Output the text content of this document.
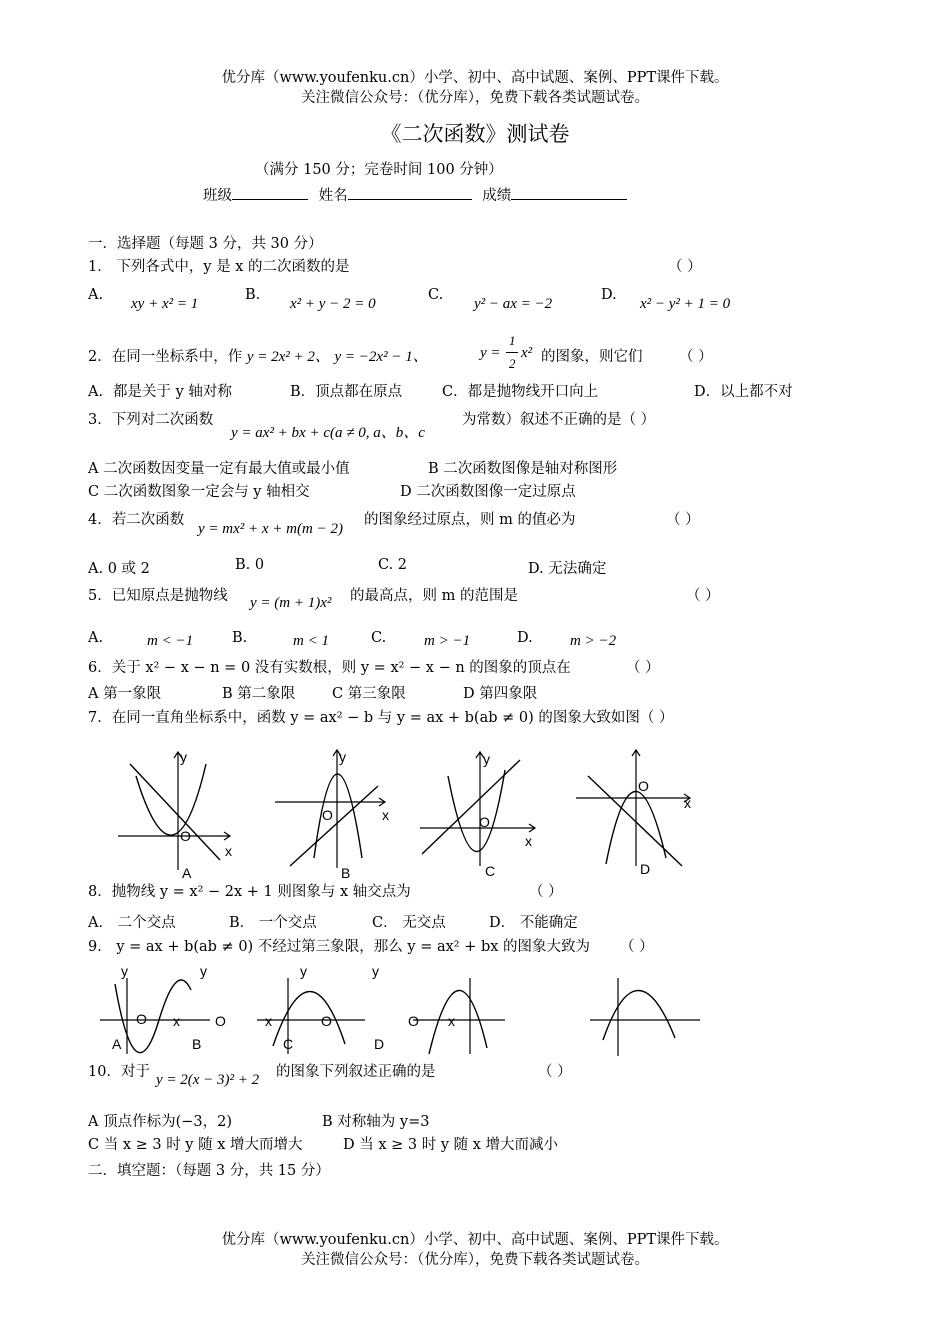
优分库（www.youfenku.cn）小学、初中、高中试题、案例、PPT课件下载。
关注微信公众号：（优分库），免费下载各类试题试卷。
《二次函数》测试卷
（满分 150 分；完卷时间 100 分钟）
班级	姓名	成绩
一．选择题（每题 3 分，共 30 分）
1． 下列各式中，y 是 x 的二次函数的是	（ ）
A.
xy + x² = 1
B.
x² + y − 2 = 0
C.
y² − ax = −2
D.
x² − y² + 1 = 0
2．在同一坐标系中，作 y = 2x² + 2、 y = −2x² − 1、	y =
1
2
x² 的图象，则它们	（ ）
A．都是关于 y 轴对称	B．顶点都在原点	C．都是抛物线开口向上	D．以上都不对
3．下列对二次函数
y = ax² + bx + c(a ≠ 0, a、b、c
为常数）叙述不正确的是（ ）
A 二次函数因变量一定有最大值或最小值	B 二次函数图像是轴对称图形
C 二次函数图象一定会与 y 轴相交	D 二次函数图像一定过原点
4．若二次函数
y = mx² + x + m(m − 2)
的图象经过原点，则 m 的值必为	（ ）
A. 0 或 2	B. 0	C. 2	D. 无法确定
5．已知原点是抛物线 y = (m + 1)x² 的最高点，则 m 的范围是	（ ）
A.	m < −1	B.	m < 1	C.	m > −1	D. m > −2
6．关于 x² − x − n = 0 没有实数根，则 y = x² − x − n 的图象的顶点在	（ ）
A 第一象限	B 第二象限	C 第三象限	D 第四象限
7．在同一直角坐标系中，函数 y = ax² − b 与 y = ax + b(ab ≠ 0) 的图象大致如图（ ）
y
x
O
A
y
x
O
B
y
x
O
C
O
x
D
8．抛物线 y = x² − 2x + 1 则图象与 x 轴交点为	（ ）
A． 二个交点	B． 一个交点	C． 无交点	D． 不能确定
9． y = ax + b(ab ≠ 0) 不经过第三象限，那么 y = ax² + bx 的图象大致为 （ ）
y
O x
A
y
O
B
y
x	O
C
y
O x
D
10．对于 y = 2(x − 3)² + 2 的图象下列叙述正确的是	（ ）
A 顶点作标为(−3，2)	B 对称轴为 y=3
C 当 x ≥ 3 时 y 随 x 增大而增大	D 当 x ≥ 3 时 y 随 x 增大而减小
二．填空题：（每题 3 分，共 15 分）
优分库（www.youfenku.cn）小学、初中、高中试题、案例、PPT课件下载。
关注微信公众号：（优分库），免费下载各类试题试卷。
